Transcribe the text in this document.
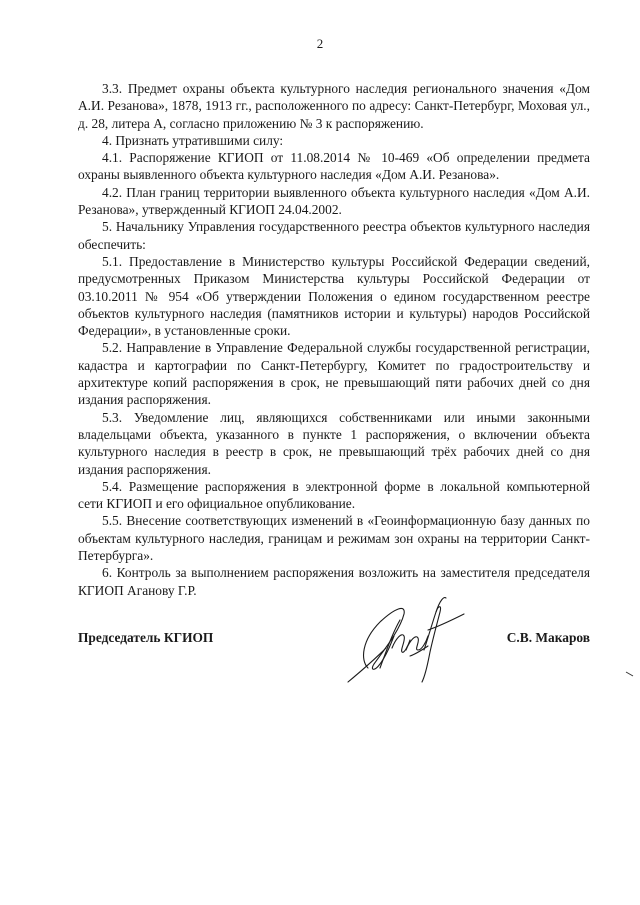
2

3.3. Предмет охраны объекта культурного наследия регионального значения «Дом А.И. Резанова», 1878, 1913 гг., расположенного по адресу: Санкт-Петербург, Моховая ул., д. 28, литера А, согласно приложению № 3 к распоряжению.

4. Признать утратившими силу:

4.1. Распоряжение КГИОП от 11.08.2014 № 10-469 «Об определении предмета охраны выявленного объекта культурного наследия «Дом А.И. Резанова».

4.2. План границ территории выявленного объекта культурного наследия «Дом А.И. Резанова», утвержденный КГИОП 24.04.2002.

5. Начальнику Управления государственного реестра объектов культурного наследия обеспечить:

5.1. Предоставление в Министерство культуры Российской Федерации сведений, предусмотренных Приказом Министерства культуры Российской Федерации от 03.10.2011 № 954 «Об утверждении Положения о едином государственном реестре объектов культурного наследия (памятников истории и культуры) народов Российской Федерации», в установленные сроки.

5.2. Направление в Управление Федеральной службы государственной регистрации, кадастра и картографии по Санкт-Петербургу, Комитет по градостроительству и архитектуре копий распоряжения в срок, не превышающий пяти рабочих дней со дня издания распоряжения.

5.3. Уведомление лиц, являющихся собственниками или иными законными владельцами объекта, указанного в пункте 1 распоряжения, о включении объекта культурного наследия в реестр в срок, не превышающий трёх рабочих дней со дня издания распоряжения.

5.4. Размещение распоряжения в электронной форме в локальной компьютерной сети КГИОП и его официальное опубликование.

5.5. Внесение соответствующих изменений в «Геоинформационную базу данных по объектам культурного наследия, границам и режимам зон охраны на территории Санкт-Петербурга».

6. Контроль за выполнением распоряжения возложить на заместителя председателя КГИОП Аганову Г.Р.

Председатель КГИОП	С.В. Макаров
